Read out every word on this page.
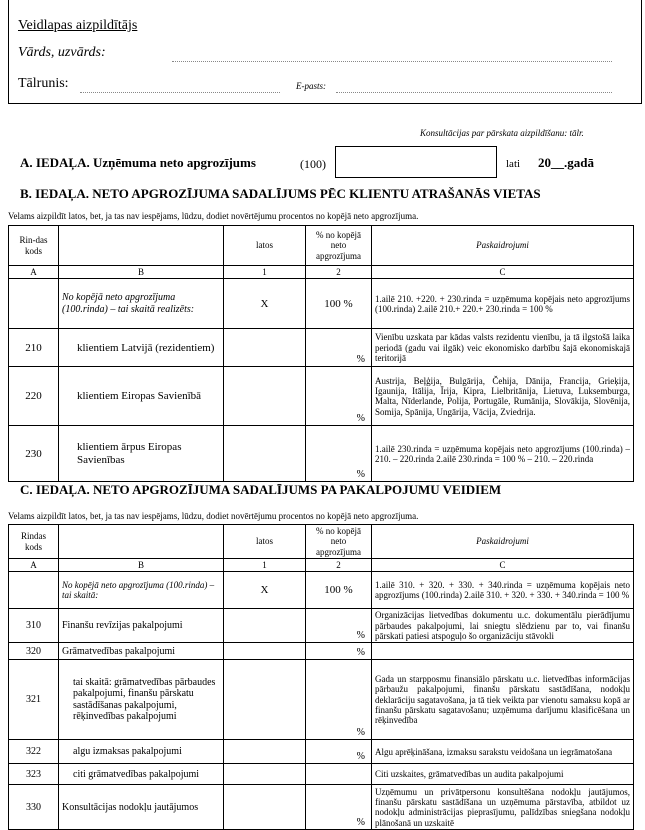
Veidlapas aizpildītājs
Vārds, uzvārds:
Tālrunis:	E-pasts:
Konsultācijas par pārskata aizpildīšanu: tālr.
A. IEDAĻA. Uzņēmuma neto apgrozījums	(100)	lati 20__.gadā
B. IEDAĻA. NETO APGROZĪJUMA SADALĪJUMS PĒC KLIENTU ATRAŠANĀS VIETAS
Velams aizpildīt latos, bet, ja tas nav iespējams, lūdzu, dodiet novērtējumu procentos no kopējā neto apgrozījuma.
Rin-das kods		latos	% no kopējā neto apgrozījuma	Paskaidrojumi
A	B	1	2	C
	No kopējā neto apgrozījuma (100.rinda) – tai skaitā realizēts:	X	100 %	1.ailē 210. +220. + 230.rinda = uzņēmuma kopējais neto apgrozījums (100.rinda) 2.ailē 210.+ 220.+ 230.rinda = 100 %
210	klientiem Latvijā (rezidentiem)		%	Vienību uzskata par kādas valsts rezidentu vienību, ja tā ilgstošā laika periodā (gadu vai ilgāk) veic ekonomisko darbību šajā ekonomiskajā teritorijā
220	klientiem Eiropas Savienībā		%	Austrija, Beļģija, Bulgārija, Čehija, Dānija, Francija, Grieķija, Igaunija, Itālija, Īrija, Kipra, Lielbritānija, Lietuva, Luksemburga, Malta, Nīderlande, Polija, Portugāle, Rumānija, Slovākija, Slovēnija, Somija, Spānija, Ungārija, Vācija, Zviedrija.
230	klientiem ārpus Eiropas Savienības		%	1.ailē 230.rinda = uzņēmuma kopējais neto apgrozījums (100.rinda) – 210. – 220.rinda 2.ailē 230.rinda = 100 % – 210. – 220.rinda
C. IEDAĻA. NETO APGROZĪJUMA SADALĪJUMS PA PAKALPOJUMU VEIDIEM
Velams aizpildīt latos, bet, ja tas nav iespējams, lūdzu, dodiet novērtējumu procentos no kopējā neto apgrozījuma.
Rindas kods		latos	% no kopējā neto apgrozījuma	Paskaidrojumi
A	B	1	2	C
	No kopējā neto apgrozījuma (100.rinda) – tai skaitā:	X	100 %	1.ailē 310. + 320. + 330. + 340.rinda = uzņēmuma kopējais neto apgrozījums (100.rinda) 2.ailē 310. + 320. + 330. + 340.rinda = 100 %
310	Finanšu revīzijas pakalpojumi		%	Organizācijas lietvedības dokumentu u.c. dokumentālu pierādījumu pārbaudes pakalpojumi, lai sniegtu slēdzienu par to, vai finanšu pārskati patiesi atspoguļo šo organizāciju stāvokli
320	Grāmatvedības pakalpojumi		%	
321	tai skaitā: grāmatvedības pārbaudes pakalpojumi, finanšu pārskatu sastādīšanas pakalpojumi, rēķinvedības pakalpojumi		%	Gada un starpposmu finansiālo pārskatu u.c. lietvedības informācijas pārbaužu pakalpojumi, finanšu pārskatu sastādīšana, nodokļu deklarāciju sagatavošana, ja tā tiek veikta par vienotu samaksu kopā ar finanšu pārskatu sagatavošanu; uzņēmuma darījumu klasificēšana un rēķinvedība
322	algu izmaksas pakalpojumi		%	Algu aprēķināšana, izmaksu sarakstu veidošana un iegrāmatošana
323	citi grāmatvedības pakalpojumi			Citi uzskaites, grāmatvedības un audita pakalpojumi
330	Konsultācijas nodokļu jautājumos		%	Uzņēmumu un privātpersonu konsultēšana nodokļu jautājumos, finanšu pārskatu sastādīšana un uzņēmuma pārstavība, atbildot uz nodokļu administrācijas pieprasījumu, palīdzības sniegšana nodokļu plānošanā un uzskaitē
